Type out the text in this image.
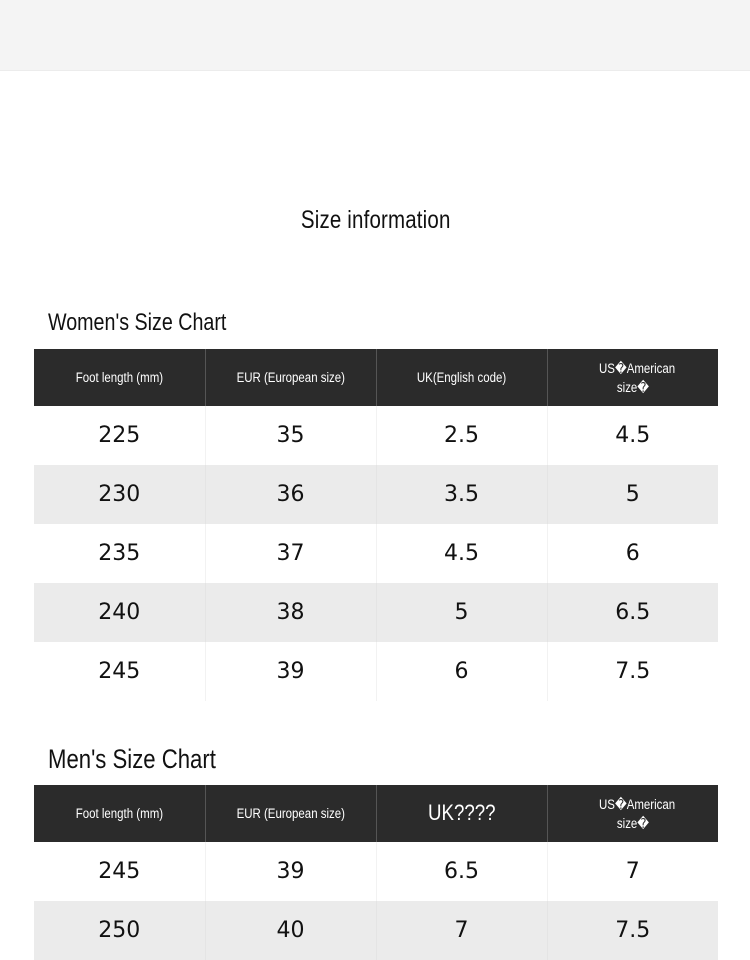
Size information
Women's Size Chart
Foot length (mm)	EUR (European size)	UK(English code)	US�American size�
225	35	2.5	4.5
230	36	3.5	5
235	37	4.5	6
240	38	5	6.5
245	39	6	7.5
Men's Size Chart
Foot length (mm)	EUR (European size)	UK????	US�American size�
245	39	6.5	7
250	40	7	7.5
